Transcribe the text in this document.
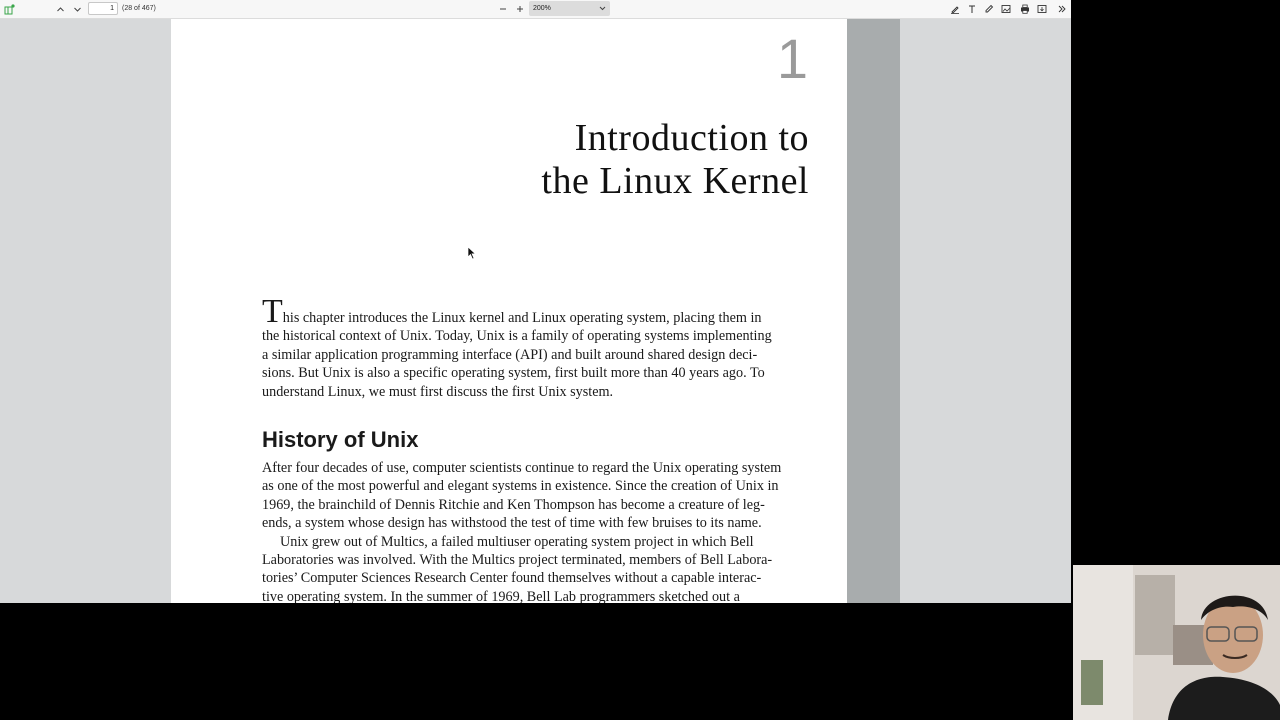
1
(28 of 467)	200%
1
Introduction to
the Linux Kernel
This chapter introduces the Linux kernel and Linux operating system, placing them in
the historical context of Unix. Today, Unix is a family of operating systems implementing
a similar application programming interface (API) and built around shared design deci-
sions. But Unix is also a specific operating system, first built more than 40 years ago. To
understand Linux, we must first discuss the first Unix system.
History of Unix
After four decades of use, computer scientists continue to regard the Unix operating system
as one of the most powerful and elegant systems in existence. Since the creation of Unix in
1969, the brainchild of Dennis Ritchie and Ken Thompson has become a creature of leg-
ends, a system whose design has withstood the test of time with few bruises to its name.
Unix grew out of Multics, a failed multiuser operating system project in which Bell
Laboratories was involved. With the Multics project terminated, members of Bell Labora-
tories’ Computer Sciences Research Center found themselves without a capable interac-
tive operating system. In the summer of 1969, Bell Lab programmers sketched out a
